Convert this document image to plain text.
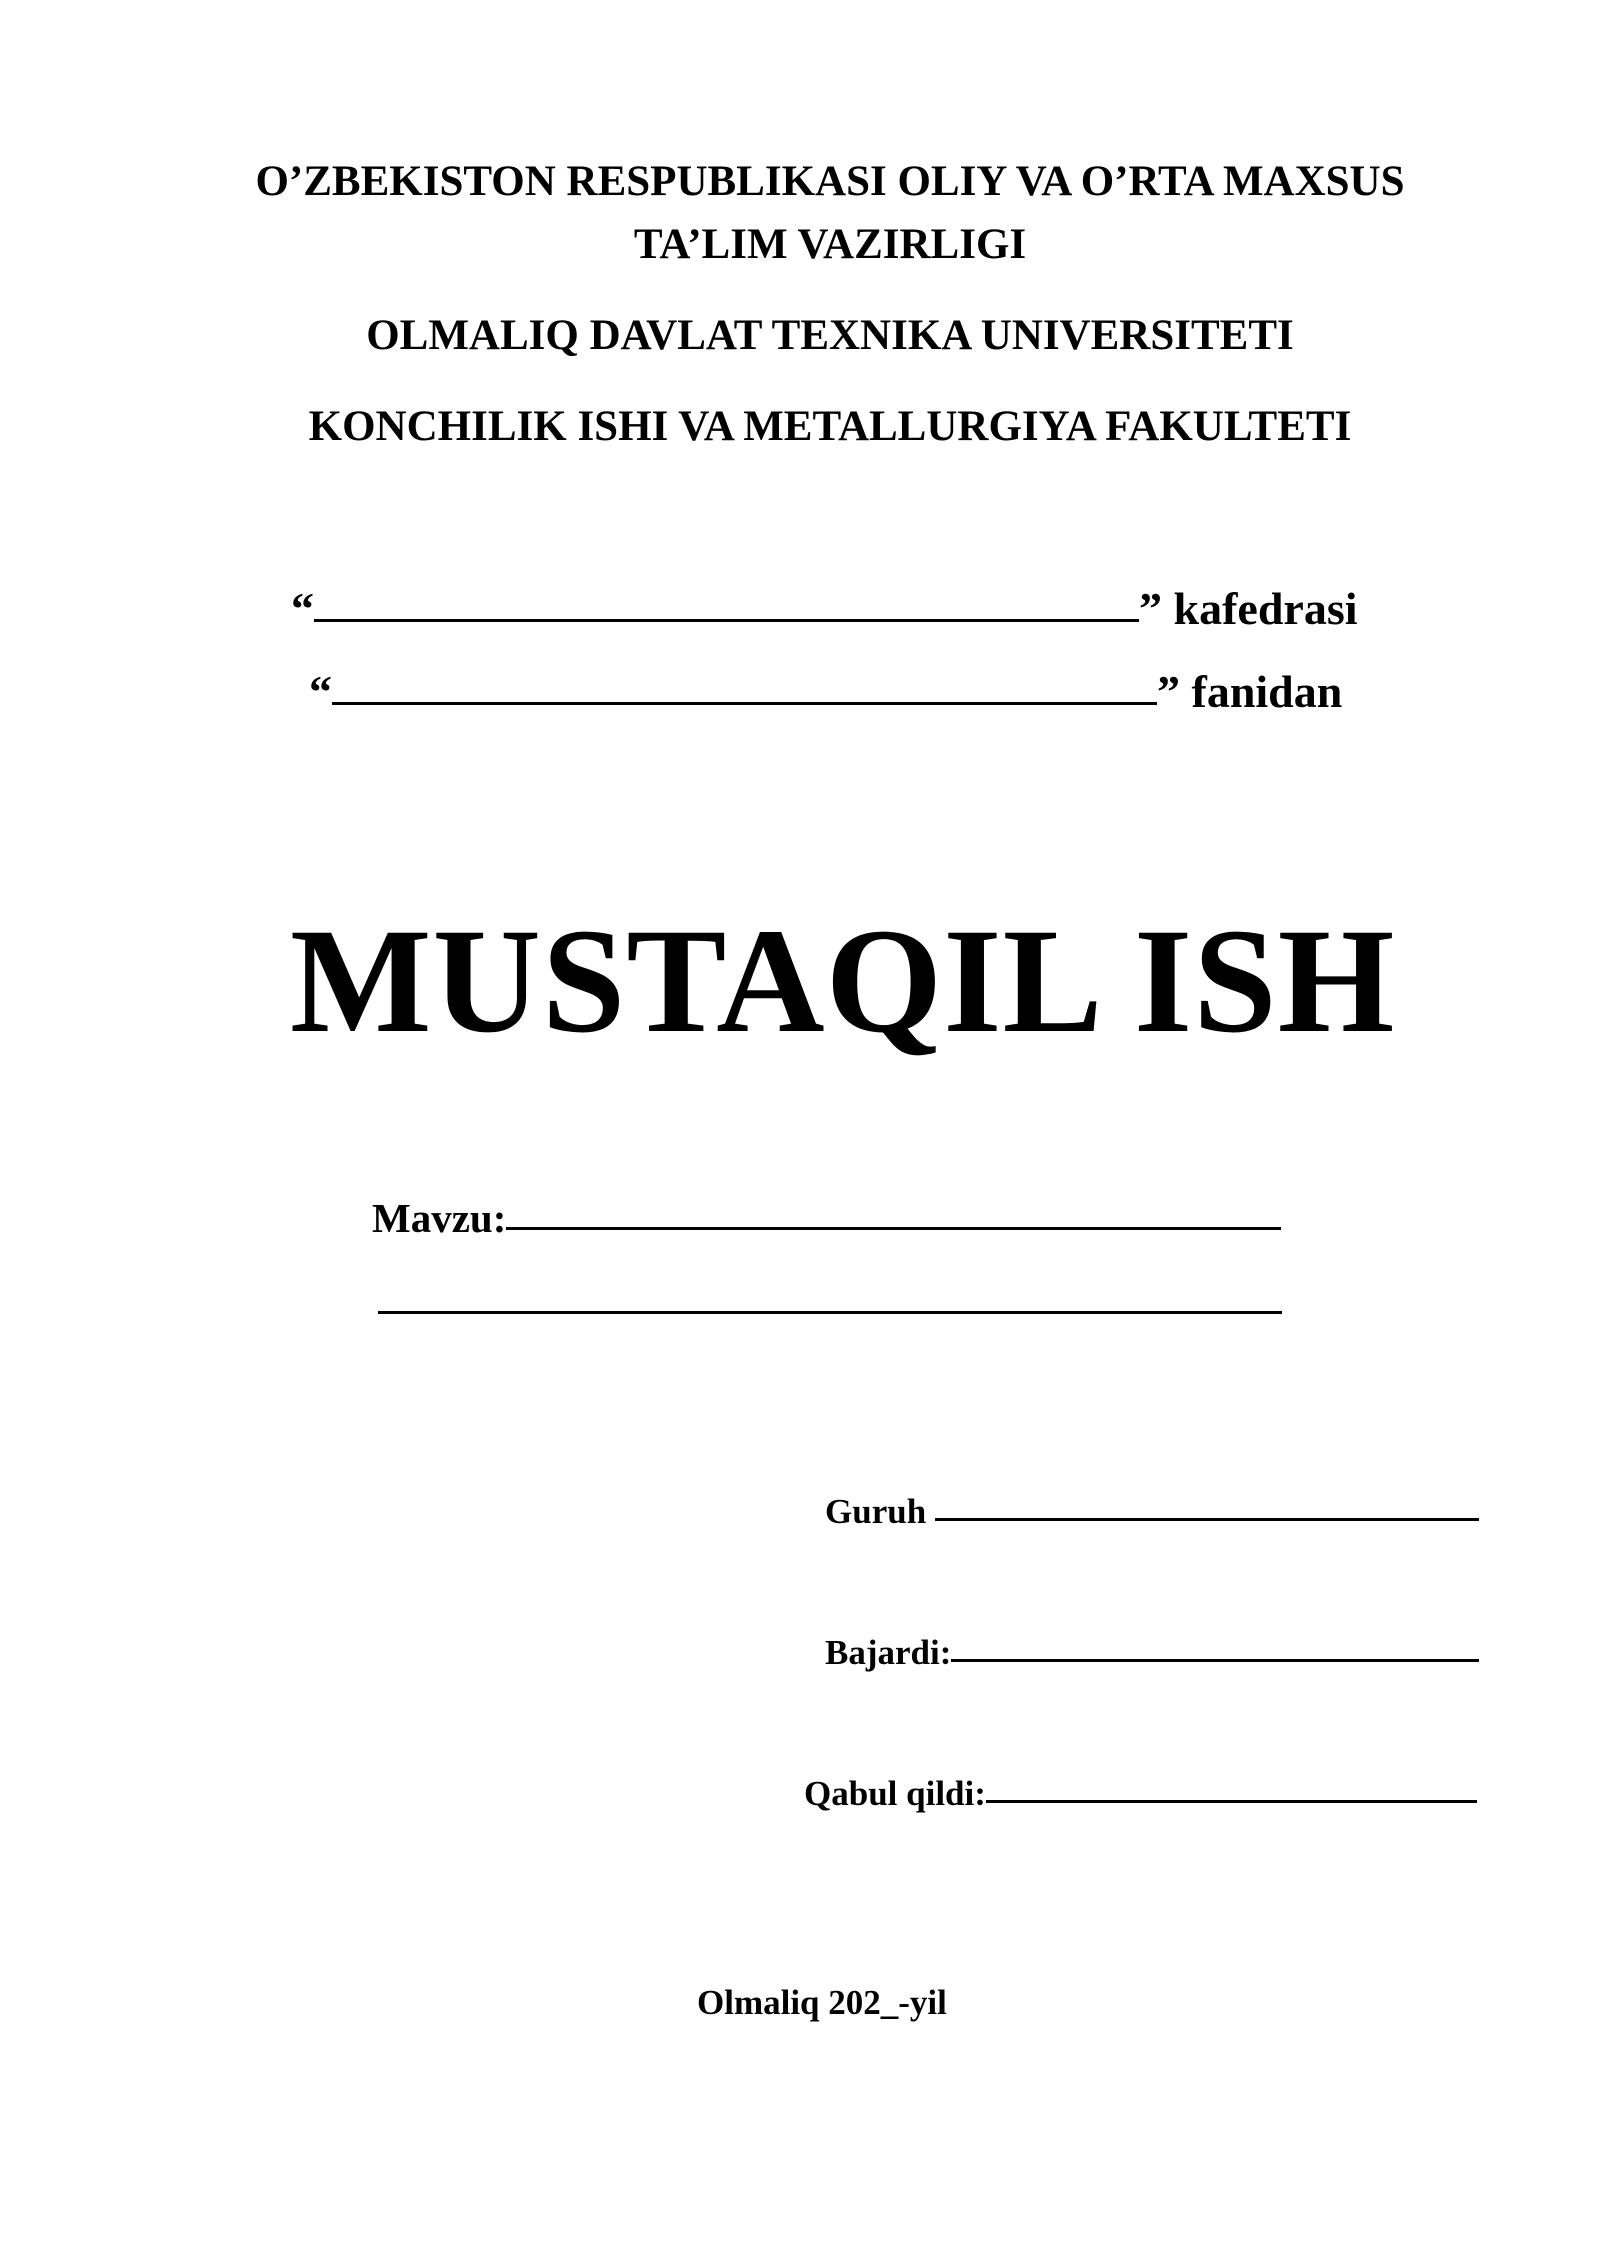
O’ZBEKISTON RESPUBLIKASI OLIY VA O’RTA MAXSUS
TA’LIM VAZIRLIGI
OLMALIQ DAVLAT TEXNIKA UNIVERSITETI
KONCHILIK ISHI VA METALLURGIYA FAKULTETI
“	” kafedrasi
“	” fanidan
MUSTAQIL ISH
Mavzu:
Guruh
Bajardi:
Qabul qildi:
Olmaliq 202_-yil
